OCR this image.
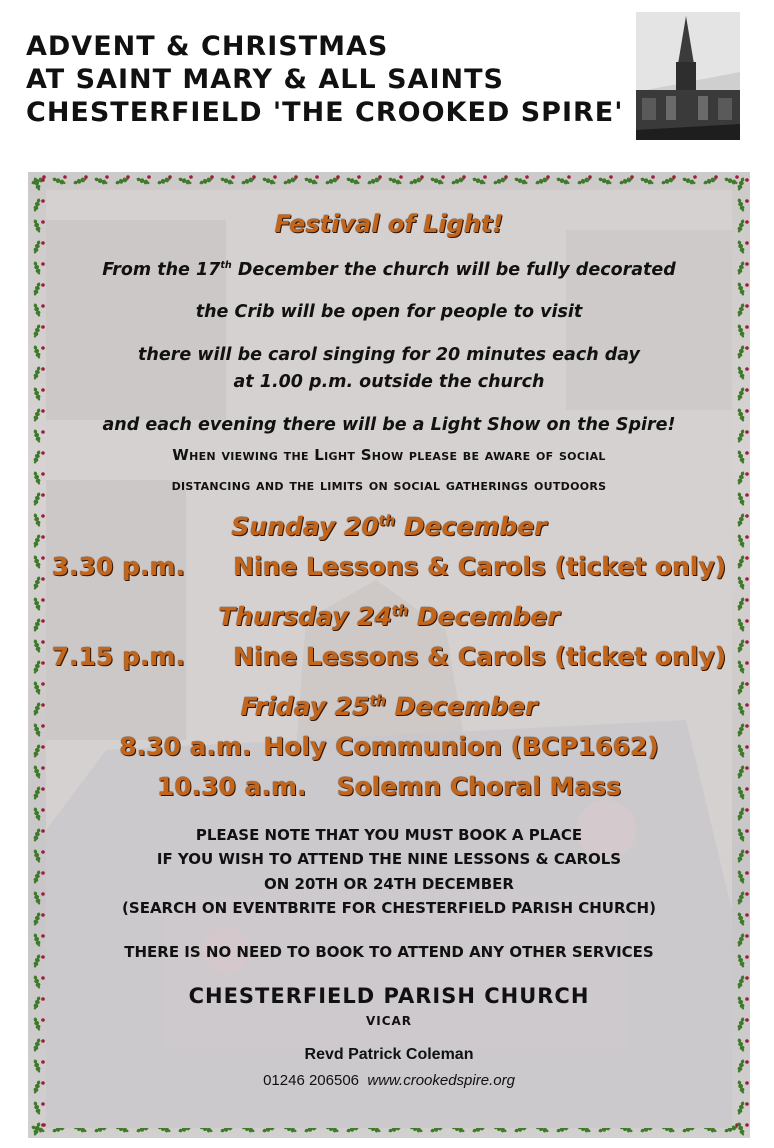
ADVENT & CHRISTMAS
AT SAINT MARY & ALL SAINTS
CHESTERFIELD 'THE CROOKED SPIRE'
Festival of Light!
From the 17th December the church will be fully decorated
the Crib will be open for people to visit
there will be carol singing for 20 minutes each day
at 1.00 p.m. outside the church
and each evening there will be a Light Show on the Spire!
When viewing the Light Show please be aware of social
distancing and the limits on social gatherings outdoors
Sunday 20th December
3.30 p.m. Nine Lessons & Carols (ticket only)
Thursday 24th December
7.15 p.m. Nine Lessons & Carols (ticket only)
Friday 25th December
8.30 a.m. Holy Communion (BCP1662)
10.30 a.m. Solemn Choral Mass
PLEASE NOTE THAT YOU MUST BOOK A PLACE
IF YOU WISH TO ATTEND THE NINE LESSONS & CAROLS
ON 20TH OR 24TH DECEMBER
(SEARCH ON EVENTBRITE FOR CHESTERFIELD PARISH CHURCH)
THERE IS NO NEED TO BOOK TO ATTEND ANY OTHER SERVICES
CHESTERFIELD PARISH CHURCH
VICAR
Revd Patrick Coleman
01246 206506 www.crookedspire.org
